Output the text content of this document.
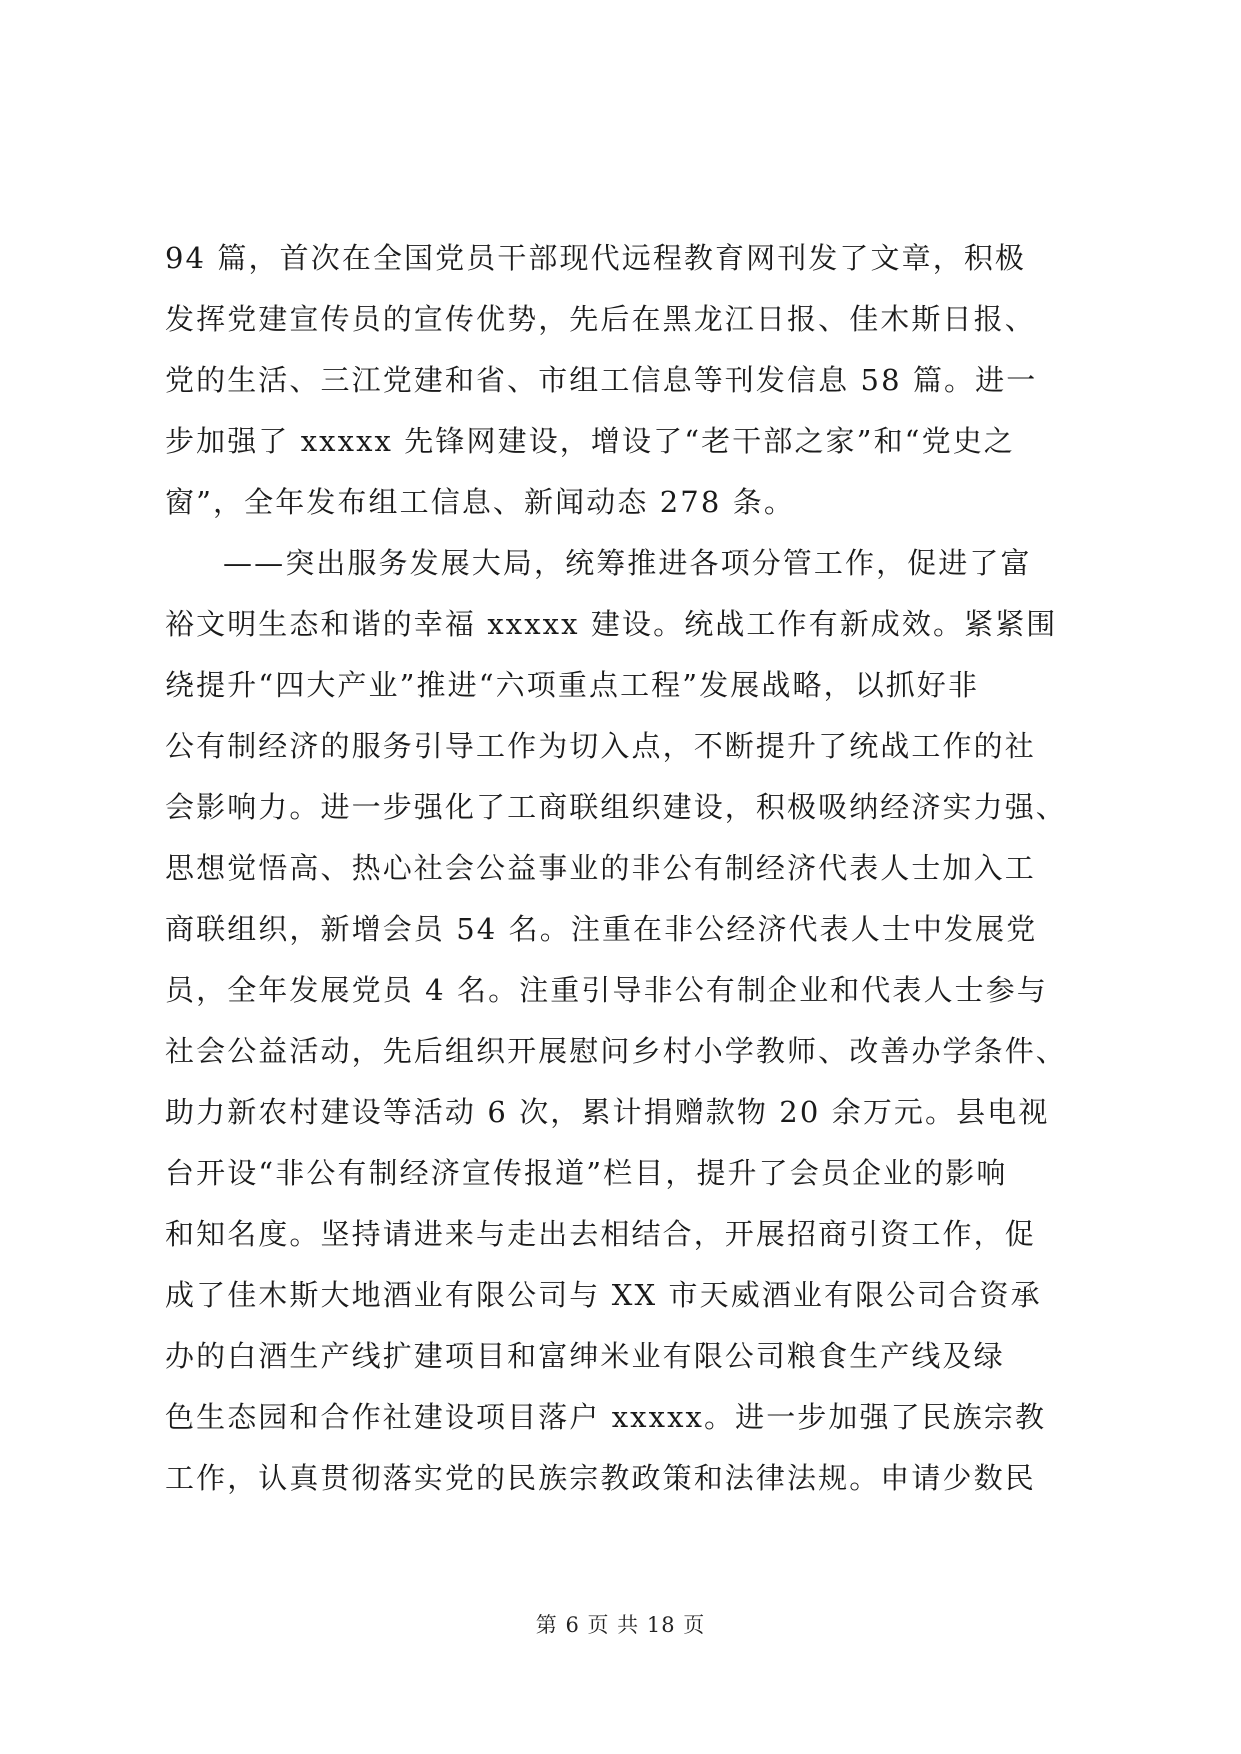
94 篇，首次在全国党员干部现代远程教育网刊发了文章，积极
发挥党建宣传员的宣传优势，先后在黑龙江日报、佳木斯日报、
党的生活、三江党建和省、市组工信息等刊发信息 58 篇。进一
步加强了 xxxxx 先锋网建设，增设了“老干部之家”和“党史之
窗”，全年发布组工信息、新闻动态 278 条。
——突出服务发展大局，统筹推进各项分管工作，促进了富
裕文明生态和谐的幸福 xxxxx 建设。统战工作有新成效。紧紧围
绕提升“四大产业”推进“六项重点工程”发展战略，以抓好非
公有制经济的服务引导工作为切入点，不断提升了统战工作的社
会影响力。进一步强化了工商联组织建设，积极吸纳经济实力强、
思想觉悟高、热心社会公益事业的非公有制经济代表人士加入工
商联组织，新增会员 54 名。注重在非公经济代表人士中发展党
员，全年发展党员 4 名。注重引导非公有制企业和代表人士参与
社会公益活动，先后组织开展慰问乡村小学教师、改善办学条件、
助力新农村建设等活动 6 次，累计捐赠款物 20 余万元。县电视
台开设“非公有制经济宣传报道”栏目，提升了会员企业的影响
和知名度。坚持请进来与走出去相结合，开展招商引资工作，促
成了佳木斯大地酒业有限公司与 XX 市天威酒业有限公司合资承
办的白酒生产线扩建项目和富绅米业有限公司粮食生产线及绿
色生态园和合作社建设项目落户 xxxxx。进一步加强了民族宗教
工作，认真贯彻落实党的民族宗教政策和法律法规。申请少数民
第 6 页 共 18 页
